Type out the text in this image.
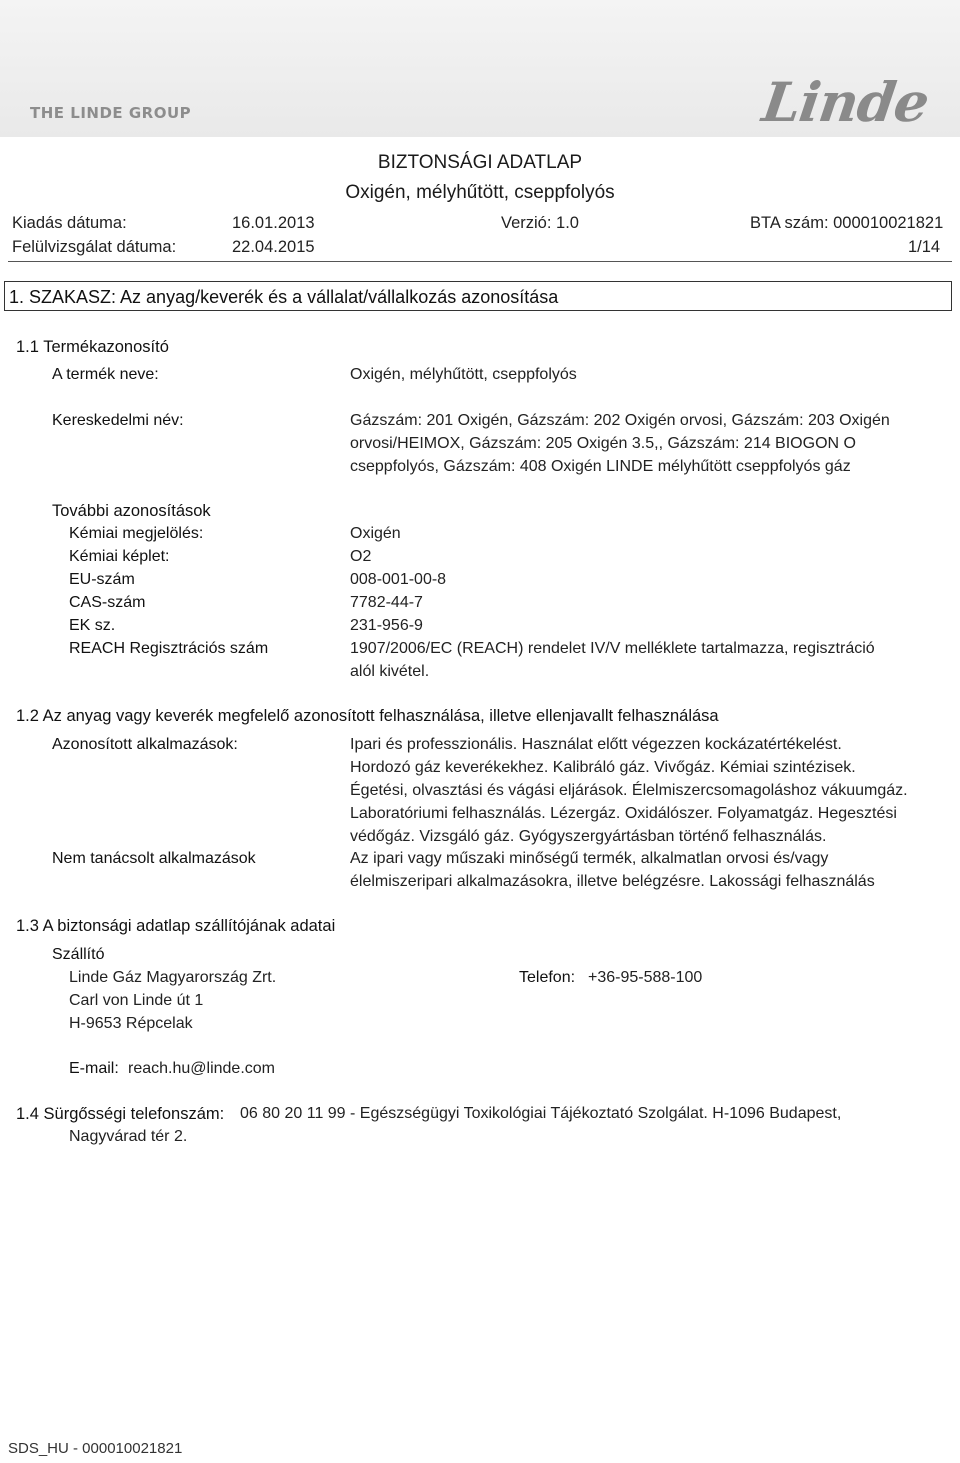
THE LINDE GROUP	Linde
BIZTONSÁGI ADATLAP
Oxigén, mélyhűtött, cseppfolyós
Kiadás dátuma:	16.01.2013	Verzió: 1.0	BTA szám: 000010021821
Felülvizsgálat dátuma:	22.04.2015	1/14
1. SZAKASZ: Az anyag/keverék és a vállalat/vállalkozás azonosítása
1.1 Termékazonosító
A termék neve:	Oxigén, mélyhűtött, cseppfolyós
Kereskedelmi név:	Gázszám: 201 Oxigén, Gázszám: 202 Oxigén orvosi, Gázszám: 203 Oxigén
orvosi/HEIMOX, Gázszám: 205 Oxigén 3.5,, Gázszám: 214 BIOGON O
cseppfolyós, Gázszám: 408 Oxigén LINDE mélyhűtött cseppfolyós gáz
További azonosítások
Kémiai megjelölés:	Oxigén
Kémiai képlet:	O2
EU-szám	008-001-00-8
CAS-szám	7782-44-7
EK sz.	231-956-9
REACH Regisztrációs szám	1907/2006/EC (REACH) rendelet IV/V melléklete tartalmazza, regisztráció
alól kivétel.
1.2 Az anyag vagy keverék megfelelő azonosított felhasználása, illetve ellenjavallt felhasználása
Azonosított alkalmazások:	Ipari és professzionális. Használat előtt végezzen kockázatértékelést.
Hordozó gáz keverékekhez. Kalibráló gáz. Vivőgáz. Kémiai szintézisek.
Égetési, olvasztási és vágási eljárások. Élelmiszercsomagoláshoz vákuumgáz.
Laboratóriumi felhasználás. Lézergáz. Oxidálószer. Folyamatgáz. Hegesztési
védőgáz. Vizsgáló gáz. Gyógyszergyártásban történő felhasználás.
Nem tanácsolt alkalmazások	Az ipari vagy műszaki minőségű termék, alkalmatlan orvosi és/vagy
élelmiszeripari alkalmazásokra, illetve belégzésre. Lakossági felhasználás
1.3 A biztonsági adatlap szállítójának adatai
Szállító
Linde Gáz Magyarország Zrt.
Carl von Linde út 1
H-9653 Répcelak
Telefon: +36-95-588-100
E-mail: reach.hu@linde.com
1.4 Sürgősségi telefonszám: 06 80 20 11 99 - Egészségügyi Toxikológiai Tájékoztató Szolgálat. H-1096 Budapest,
Nagyvárad tér 2.
SDS_HU - 000010021821
